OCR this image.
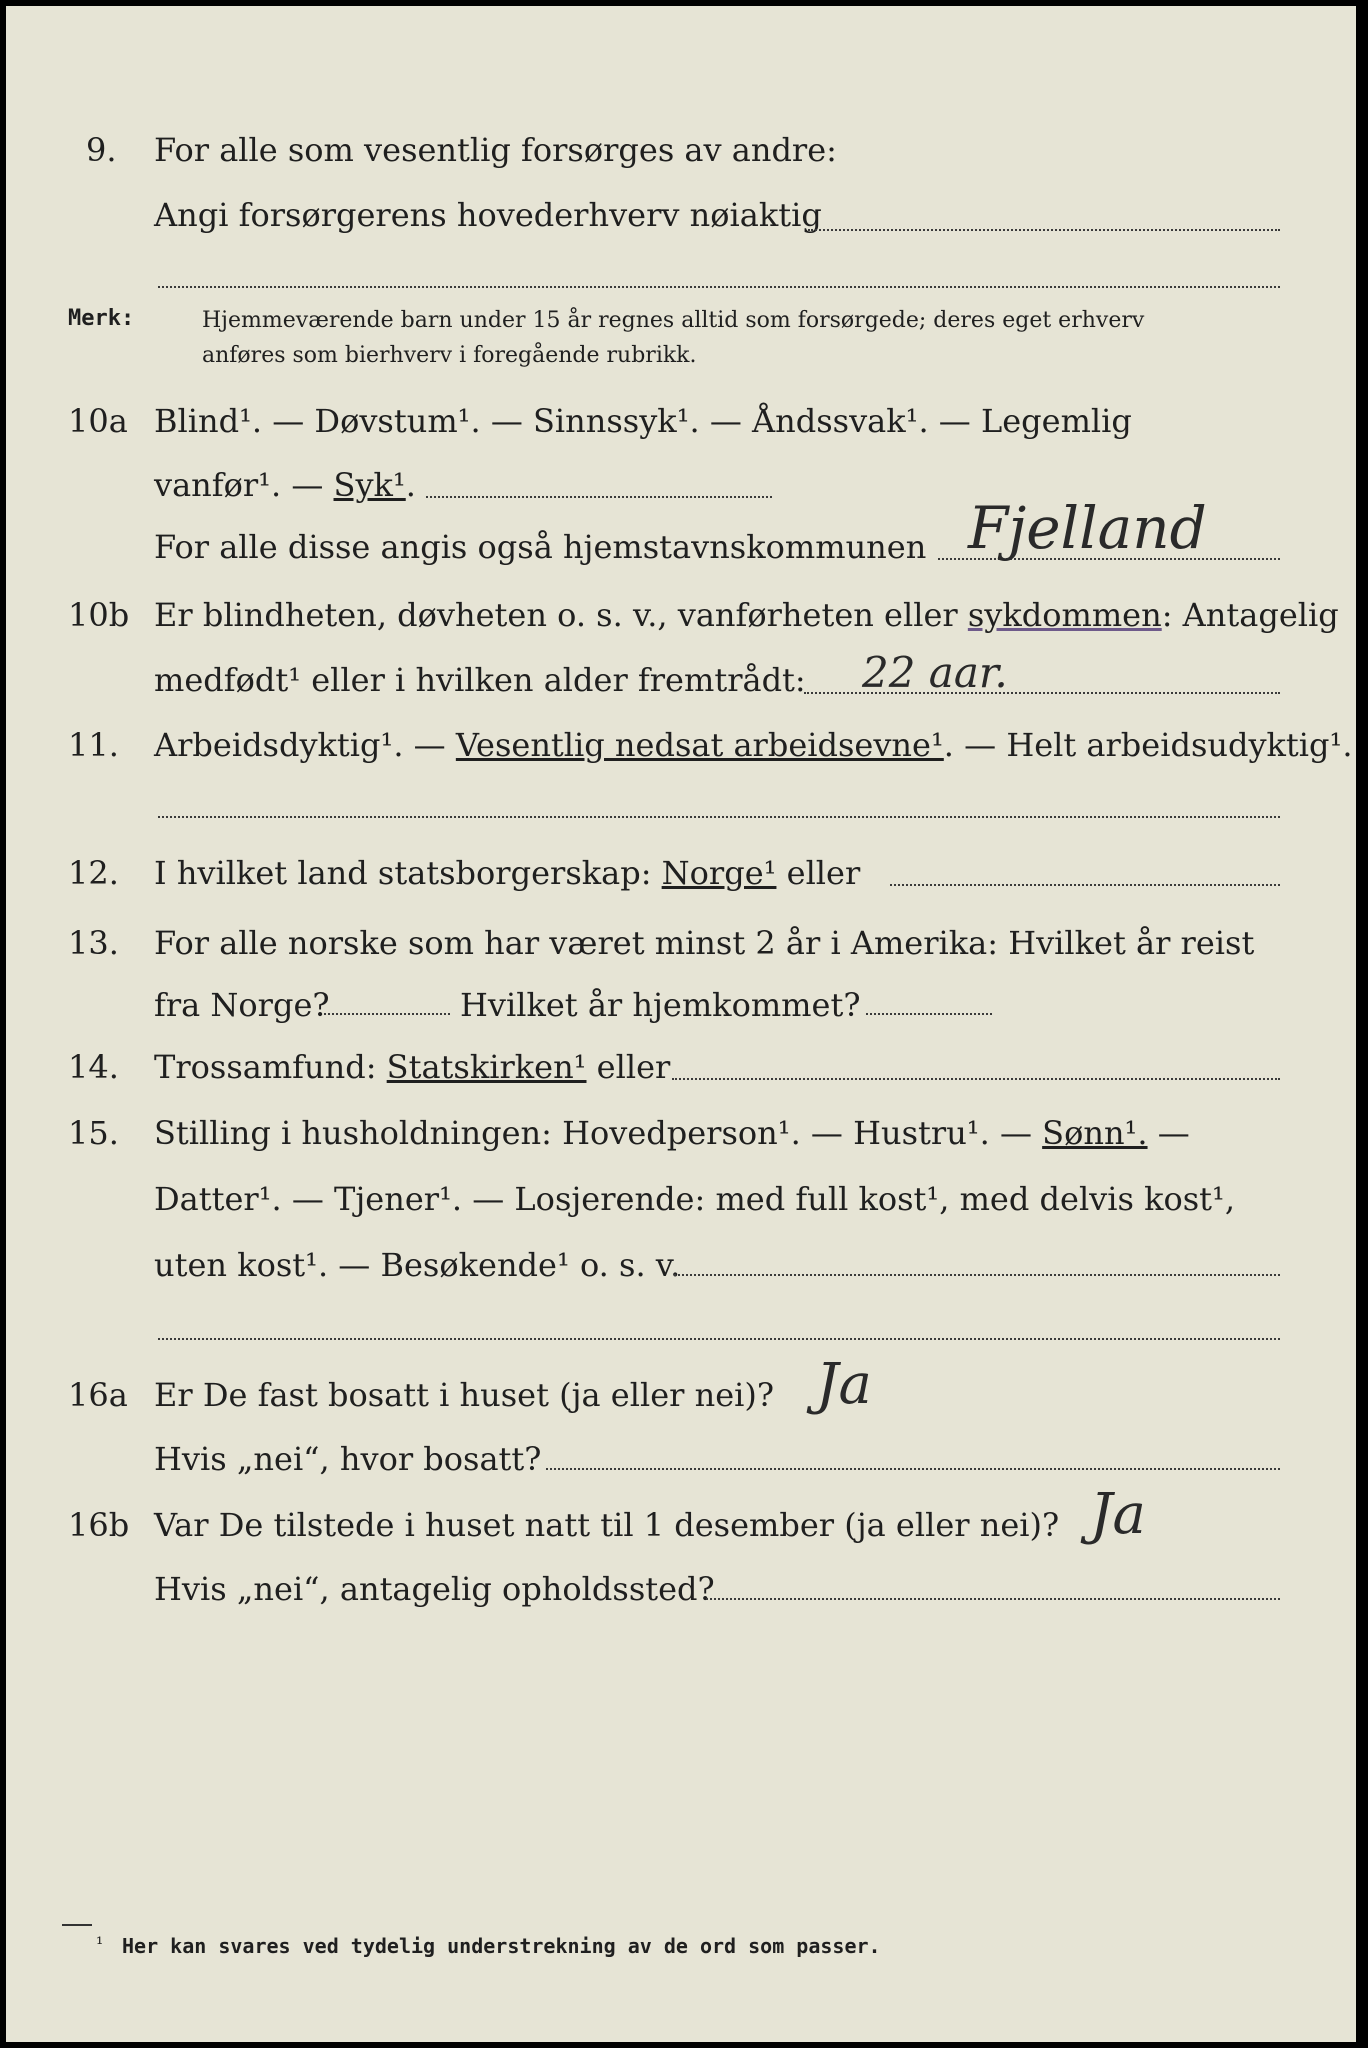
9. For alle som vesentlig forsørges av andre:
Angi forsørgerens hovederhverv nøiaktig
Merk:	Hjemmeværende barn under 15 år regnes alltid som forsørgede; deres eget erhverv
anføres som bierhverv i foregående rubrikk.
10a Blind¹. — Døvstum¹. — Sinnssyk¹. — Åndssvak¹. — Legemlig
vanfør¹. — Syk¹.
For alle disse angis også hjemstavnskommunen Fjelland
10b Er blindheten, døvheten o. s. v., vanførheten eller sykdommen: Antagelig
medfødt¹ eller i hvilken alder fremtrådt: 22 aar.
11. Arbeidsdyktig¹. — Vesentlig nedsat arbeidsevne¹. — Helt arbeidsudyktig¹.
12. I hvilket land statsborgerskap: Norge¹ eller
13. For alle norske som har været minst 2 år i Amerika: Hvilket år reist
fra Norge?	Hvilket år hjemkommet?
14. Trossamfund: Statskirken¹ eller
15. Stilling i husholdningen: Hovedperson¹. — Hustru¹. — Sønn¹. —
Datter¹. — Tjener¹. — Losjerende: med full kost¹, med delvis kost¹,
uten kost¹. — Besøkende¹ o. s. v.
16a Er De fast bosatt i huset (ja eller nei)? Ja
Hvis „nei“, hvor bosatt?
16b Var De tilstede i huset natt til 1 desember (ja eller nei)? Ja
Hvis „nei“, antagelig opholdssted?
¹ Her kan svares ved tydelig understrekning av de ord som passer.
